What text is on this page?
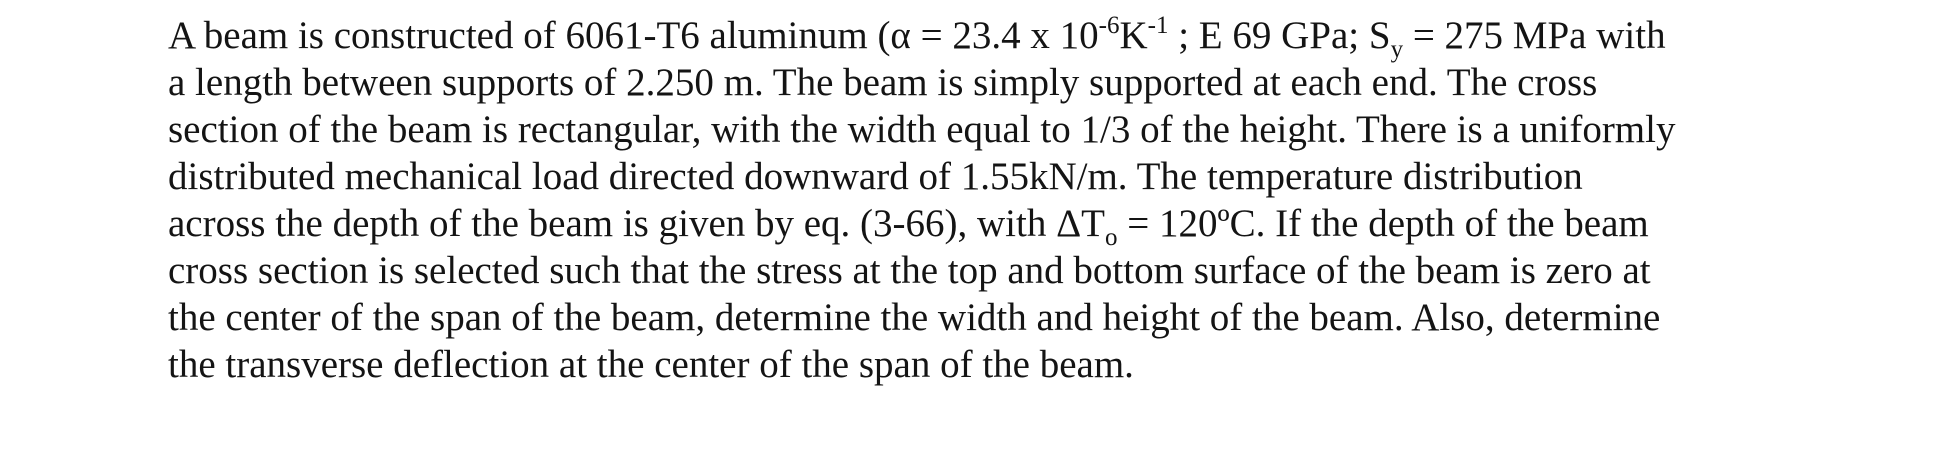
A beam is constructed of 6061-T6 aluminum (α = 23.4 x $10^{-6}K^{-1}$ ; E 69 GPa; $S_y = 275$ MPa with
a length between supports of 2.250 m. The beam is simply supported at each end. The cross
section of the beam is rectangular, with the width equal to 1/3 of the height. There is a uniformly
distributed mechanical load directed downward of 1.55kN/m. The temperature distribution
across the depth of the beam is given by eq. (3-66), with $\Delta T_o$ = 120ºC. If the depth of the beam
cross section is selected such that the stress at the top and bottom surface of the beam is zero at
the center of the span of the beam, determine the width and height of the beam. Also, determine
the transverse deflection at the center of the span of the beam.
